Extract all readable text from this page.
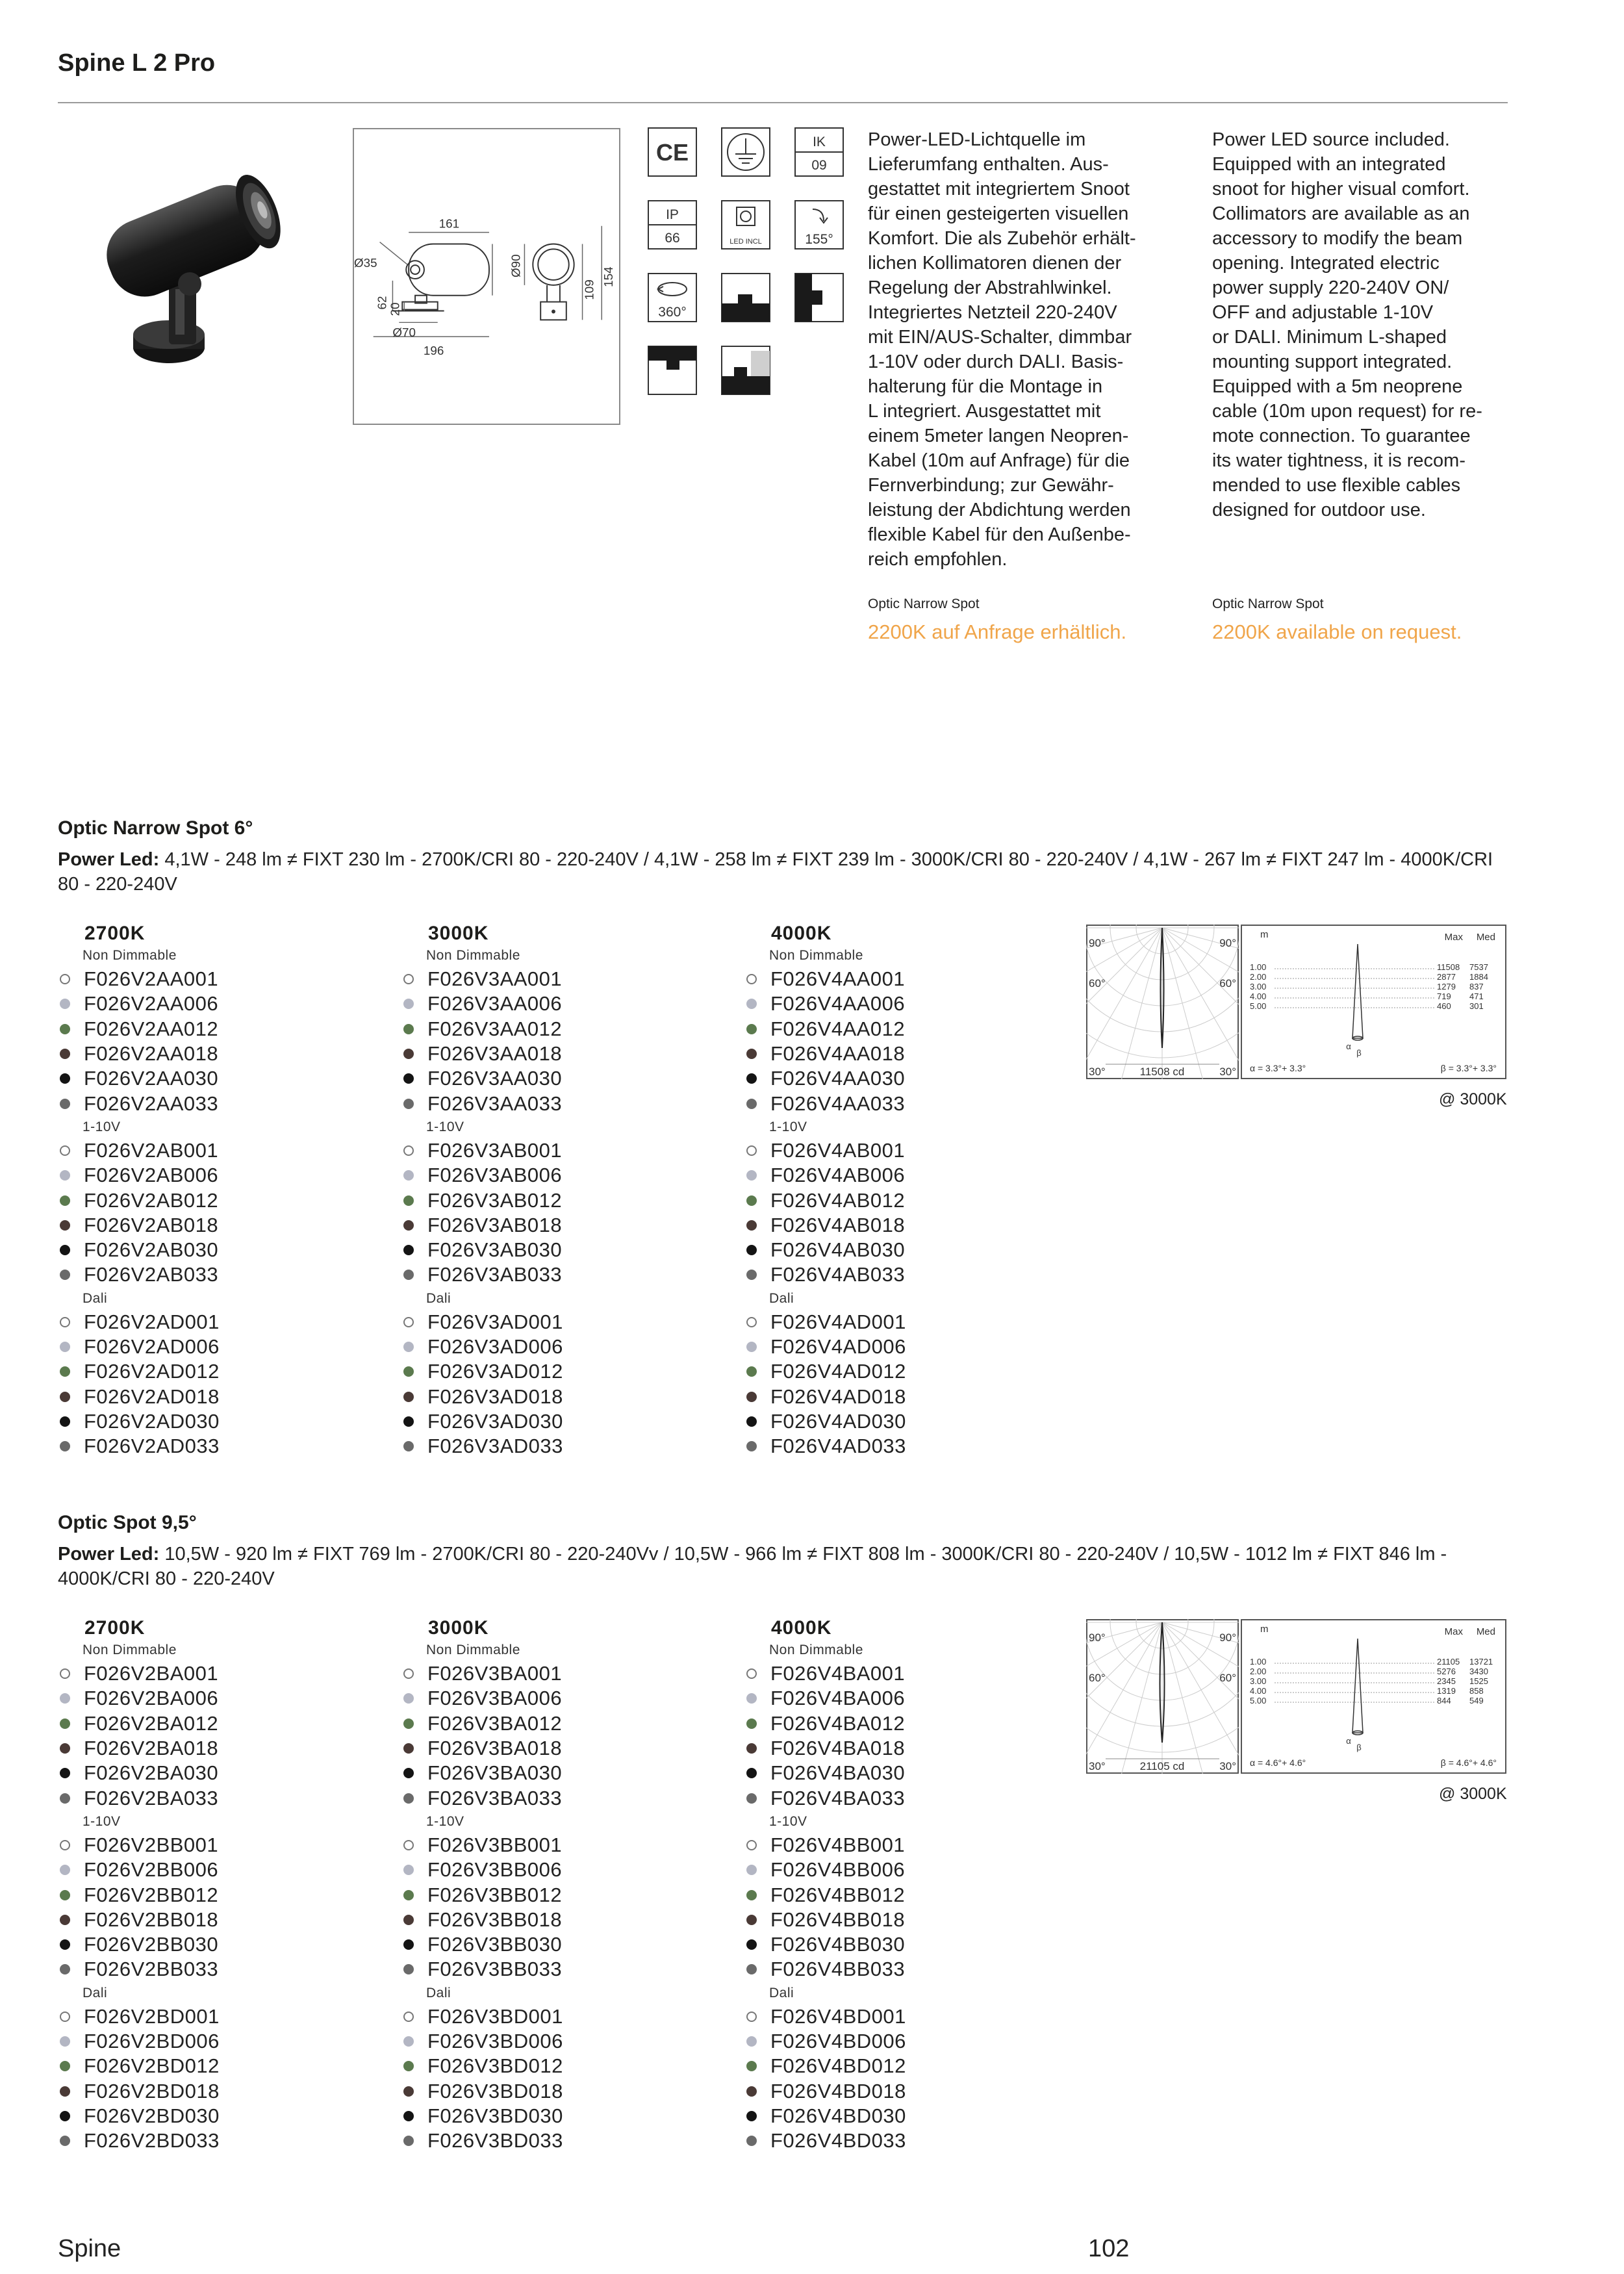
Spine L 2 Pro
161
Ø35
62
20
Ø70
196
Ø90
109
154
CE	IK
09
IP
66	LED INCL	155°
360°
Power-LED-Lichtquelle im
Lieferumfang enthalten. Aus-
gestattet mit integriertem Snoot
für einen gesteigerten visuellen
Komfort. Die als Zubehör erhält-
lichen Kollimatoren dienen der
Regelung der Abstrahlwinkel.
Integriertes Netzteil 220-240V
mit EIN/AUS-Schalter, dimmbar
1-10V oder durch DALI. Basis-
halterung für die Montage in
L integriert. Ausgestattet mit
einem 5meter langen Neopren-
Kabel (10m auf Anfrage) für die
Fernverbindung; zur Gewähr-
leistung der Abdichtung werden
flexible Kabel für den Außenbe-
reich empfohlen.
Power LED source included.
Equipped with an integrated
snoot for higher visual comfort.
Collimators are available as an
accessory to modify the beam
opening. Integrated electric
power supply 220-240V ON/
OFF and adjustable 1-10V
or DALI. Minimum L-shaped
mounting support integrated.
Equipped with a 5m neoprene
cable (10m upon request) for re-
mote connection. To guarantee
its water tightness, it is recom-
mended to use flexible cables
designed for outdoor use.
Optic Narrow Spot	Optic Narrow Spot
2200K auf Anfrage erhältlich.	2200K available on request.
Optic Narrow Spot 6°
Power Led: 4,1W - 248 lm ≠ FIXT 230 lm - 2700K/CRI 80 - 220-240V / 4,1W - 258 lm ≠ FIXT 239 lm - 3000K/CRI 80 - 220-240V / 4,1W - 267 lm ≠ FIXT 247 lm - 4000K/CRI 80 - 220-240V
2700K
Non Dimmable
F026V2AA001
F026V2AA006
F026V2AA012
F026V2AA018
F026V2AA030
F026V2AA033
1-10V
F026V2AB001
F026V2AB006
F026V2AB012
F026V2AB018
F026V2AB030
F026V2AB033
Dali
F026V2AD001
F026V2AD006
F026V2AD012
F026V2AD018
F026V2AD030
F026V2AD033
3000K
Non Dimmable
F026V3AA001
F026V3AA006
F026V3AA012
F026V3AA018
F026V3AA030
F026V3AA033
1-10V
F026V3AB001
F026V3AB006
F026V3AB012
F026V3AB018
F026V3AB030
F026V3AB033
Dali
F026V3AD001
F026V3AD006
F026V3AD012
F026V3AD018
F026V3AD030
F026V3AD033
4000K
Non Dimmable
F026V4AA001
F026V4AA006
F026V4AA012
F026V4AA018
F026V4AA030
F026V4AA033
1-10V
F026V4AB001
F026V4AB006
F026V4AB012
F026V4AB018
F026V4AB030
F026V4AB033
Dali
F026V4AD001
F026V4AD006
F026V4AD012
F026V4AD018
F026V4AD030
F026V4AD033
90°	90°
60°	60°
30°	30°
11508 cd
m	Max Med
1.00	11508 7537
2.00	2877 1884
3.00	1279 837
4.00	719 471
5.00	460 301
α
β
α = 3.3°+ 3.3°	β = 3.3°+ 3.3°
@ 3000K
Optic Spot 9,5°
Power Led: 10,5W - 920 lm ≠ FIXT 769 lm - 2700K/CRI 80 - 220-240Vv / 10,5W - 966 lm ≠ FIXT 808 lm - 3000K/CRI 80 - 220-240V / 10,5W - 1012 lm ≠ FIXT 846 lm - 4000K/CRI 80 - 220-240V
2700K
Non Dimmable
F026V2BA001
F026V2BA006
F026V2BA012
F026V2BA018
F026V2BA030
F026V2BA033
1-10V
F026V2BB001
F026V2BB006
F026V2BB012
F026V2BB018
F026V2BB030
F026V2BB033
Dali
F026V2BD001
F026V2BD006
F026V2BD012
F026V2BD018
F026V2BD030
F026V2BD033
3000K
Non Dimmable
F026V3BA001
F026V3BA006
F026V3BA012
F026V3BA018
F026V3BA030
F026V3BA033
1-10V
F026V3BB001
F026V3BB006
F026V3BB012
F026V3BB018
F026V3BB030
F026V3BB033
Dali
F026V3BD001
F026V3BD006
F026V3BD012
F026V3BD018
F026V3BD030
F026V3BD033
4000K
Non Dimmable
F026V4BA001
F026V4BA006
F026V4BA012
F026V4BA018
F026V4BA030
F026V4BA033
1-10V
F026V4BB001
F026V4BB006
F026V4BB012
F026V4BB018
F026V4BB030
F026V4BB033
Dali
F026V4BD001
F026V4BD006
F026V4BD012
F026V4BD018
F026V4BD030
F026V4BD033
90°	90°
60°	60°
30°	30°
21105 cd
m	Max Med
1.00	21105 13721
2.00	5276 3430
3.00	2345 1525
4.00	1319 858
5.00	844 549
α
β
α = 4.6°+ 4.6°	β = 4.6°+ 4.6°
@ 3000K
Spine	102
